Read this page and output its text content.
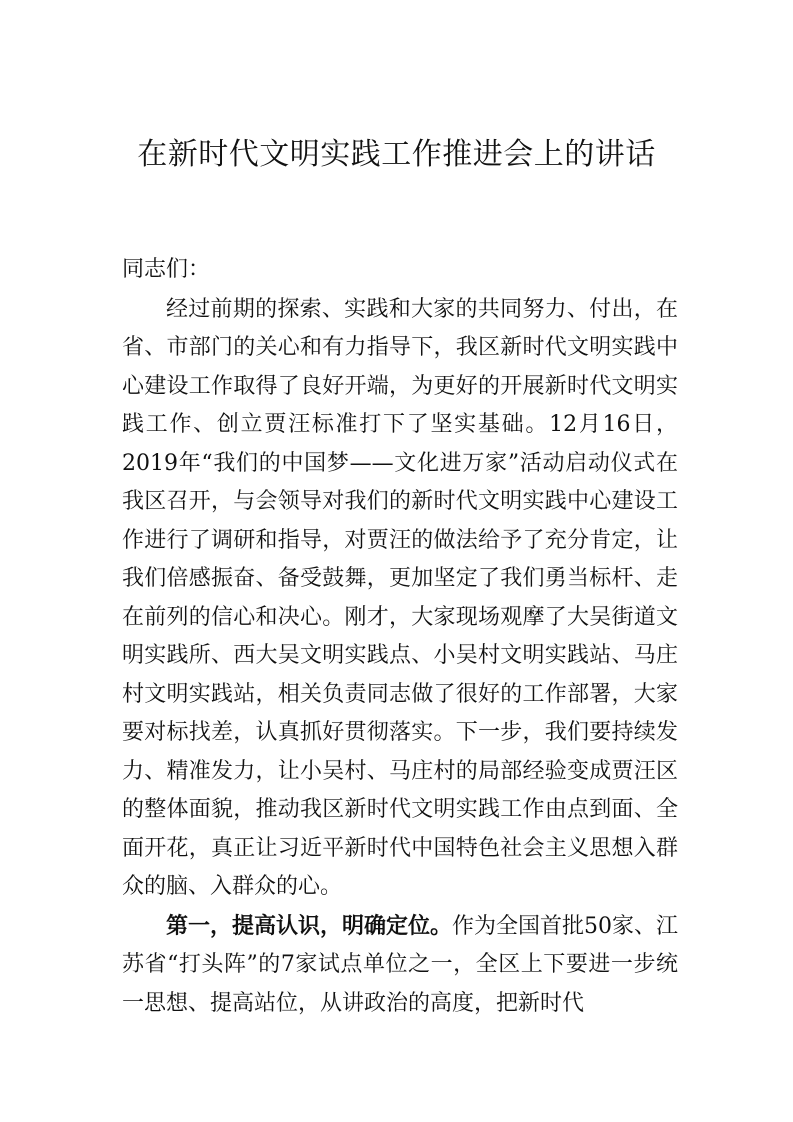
在新时代文明实践工作推进会上的讲话

同志们：

经过前期的探索、实践和大家的共同努力、付出，在省、市部门的关心和有力指导下，我区新时代文明实践中心建设工作取得了良好开端，为更好的开展新时代文明实践工作、创立贾汪标准打下了坚实基础。12月16日，2019年“我们的中国梦——文化进万家”活动启动仪式在我区召开，与会领导对我们的新时代文明实践中心建设工作进行了调研和指导，对贾汪的做法给予了充分肯定，让我们倍感振奋、备受鼓舞，更加坚定了我们勇当标杆、走在前列的信心和决心。刚才，大家现场观摩了大吴街道文明实践所、西大吴文明实践点、小吴村文明实践站、马庄村文明实践站，相关负责同志做了很好的工作部署，大家要对标找差，认真抓好贯彻落实。下一步，我们要持续发力、精准发力，让小吴村、马庄村的局部经验变成贾汪区的整体面貌，推动我区新时代文明实践工作由点到面、全面开花，真正让习近平新时代中国特色社会主义思想入群众的脑、入群众的心。

第一，提高认识，明确定位。作为全国首批50家、江苏省“打头阵”的7家试点单位之一，全区上下要进一步统一思想、提高站位，从讲政治的高度，把新时代
